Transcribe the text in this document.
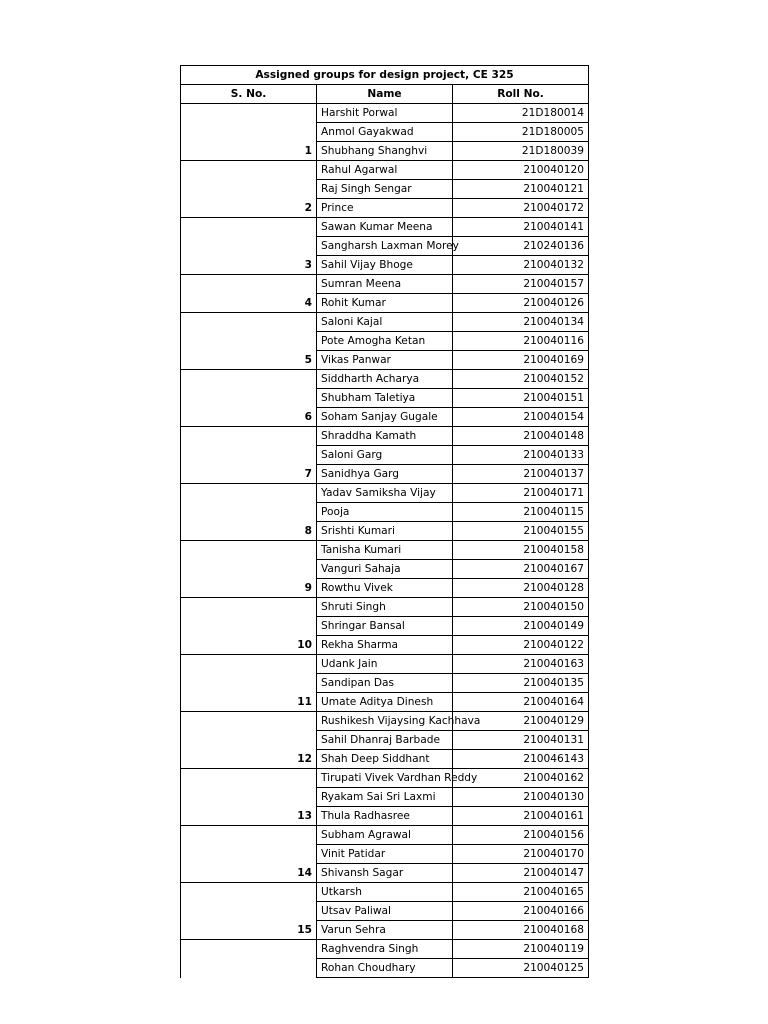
Assigned groups for design project, CE 325		
S. No.	Name	Roll No.
	Harshit Porwal	21D180014
	Anmol Gayakwad	21D180005
1	Shubhang Shanghvi	21D180039
	Rahul Agarwal	210040120
	Raj Singh Sengar	210040121
2	Prince	210040172
	Sawan Kumar Meena	210040141
	Sangharsh Laxman Morey	210240136
3	Sahil Vijay Bhoge	210040132
	Sumran Meena	210040157
4	Rohit Kumar	210040126
	Saloni Kajal	210040134
	Pote Amogha Ketan	210040116
5	Vikas Panwar	210040169
	Siddharth Acharya	210040152
	Shubham Taletiya	210040151
6	Soham Sanjay Gugale	210040154
	Shraddha Kamath	210040148
	Saloni Garg	210040133
7	Sanidhya Garg	210040137
	Yadav Samiksha Vijay	210040171
	Pooja	210040115
8	Srishti Kumari	210040155
	Tanisha Kumari	210040158
	Vanguri Sahaja	210040167
9	Rowthu Vivek	210040128
	Shruti Singh	210040150
	Shringar Bansal	210040149
10	Rekha Sharma	210040122
	Udank Jain	210040163
	Sandipan Das	210040135
11	Umate Aditya Dinesh	210040164
	Rushikesh Vijaysing Kachhava	210040129
	Sahil Dhanraj Barbade	210040131
12	Shah Deep Siddhant	210046143
	Tirupati Vivek Vardhan Reddy	210040162
	Ryakam Sai Sri Laxmi	210040130
13	Thula Radhasree	210040161
	Subham Agrawal	210040156
	Vinit Patidar	210040170
14	Shivansh Sagar	210040147
	Utkarsh	210040165
	Utsav Paliwal	210040166
15	Varun Sehra	210040168
	Raghvendra Singh	210040119
	Rohan Choudhary	210040125
